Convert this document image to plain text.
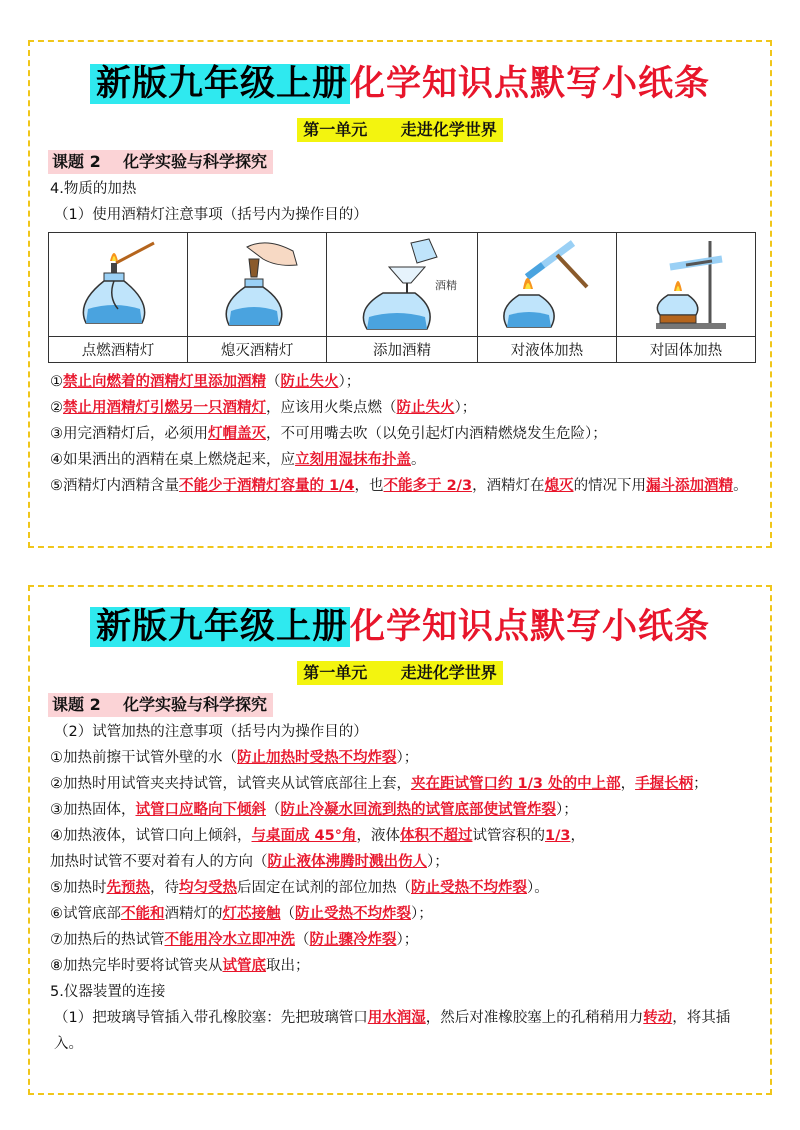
新版九年级上册化学知识点默写小纸条
第一单元      走进化学世界
课题 2    化学实验与科学探究
4.物质的加热
（1）使用酒精灯注意事项（括号内为操作目的）

酒精

点燃酒精灯	熄灭酒精灯	添加酒精	对液体加热	对固体加热
①禁止向燃着的酒精灯里添加酒精（防止失火）；
②禁止用酒精灯引燃另一只酒精灯，应该用火柴点燃（防止失火）；
③用完酒精灯后，必须用灯帽盖灭，不可用嘴去吹（以免引起灯内酒精燃烧发生危险）；
④如果洒出的酒精在桌上燃烧起来，应立刻用湿抹布扑盖。
⑤酒精灯内酒精含量不能少于酒精灯容量的 1/4，也不能多于 2/3，酒精灯在熄灭的情况下用漏斗添加酒精。
新版九年级上册化学知识点默写小纸条
第一单元      走进化学世界
课题 2    化学实验与科学探究
（2）试管加热的注意事项（括号内为操作目的）
①加热前擦干试管外壁的水（防止加热时受热不均炸裂）；
②加热时用试管夹夹持试管，试管夹从试管底部往上套，夹在距试管口约 1/3 处的中上部，手握长柄；
③加热固体，试管口应略向下倾斜（防止冷凝水回流到热的试管底部使试管炸裂）；
④加热液体，试管口向上倾斜，与桌面成 45°角，液体体积不超过试管容积的1/3，
加热时试管不要对着有人的方向（防止液体沸腾时溅出伤人）；
⑤加热时先预热，待均匀受热后固定在试剂的部位加热（防止受热不均炸裂）。
⑥试管底部不能和酒精灯的灯芯接触（防止受热不均炸裂）；
⑦加热后的热试管不能用冷水立即冲洗（防止骤冷炸裂）；
⑧加热完毕时要将试管夹从试管底取出；
5.仪器装置的连接
（1）把玻璃导管插入带孔橡胶塞：先把玻璃管口用水润湿，然后对准橡胶塞上的孔稍稍用力转动，将其插入。
